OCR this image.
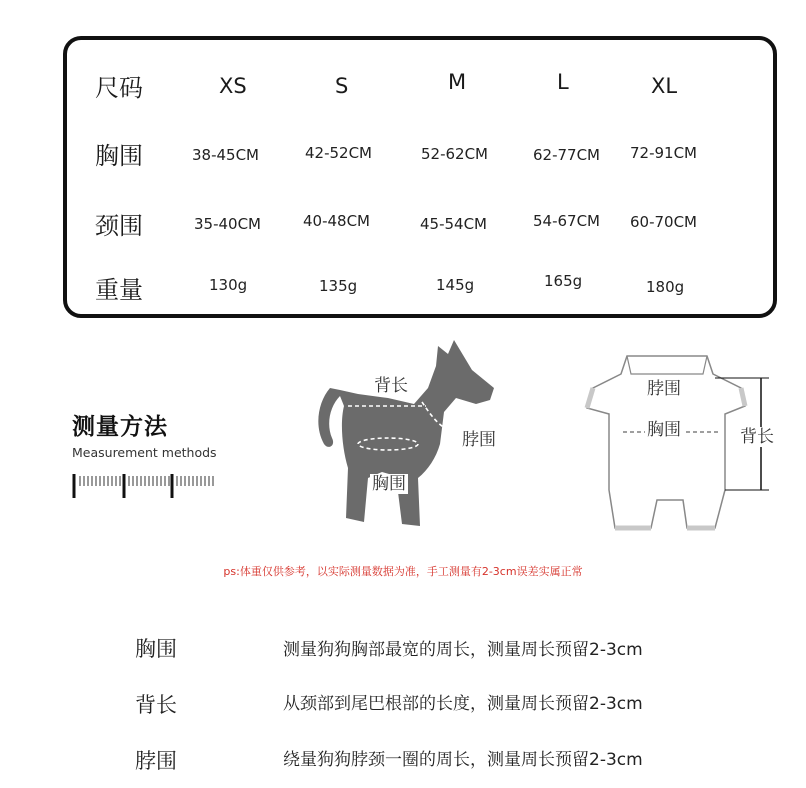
尺码	XS	S	M	L	XL
胸围	38-45CM	42-52CM	52-62CM	62-77CM 72-91CM
颈围	35-40CM	40-48CM	45-54CM	54-67CM 60-70CM
重量	130g	135g	145g	165g	180g
测量方法
Measurement methods
背长
脖围
胸围
脖围
胸围	背长
ps:体重仅供参考，以实际测量数据为准，手工测量有2-3cm误差实属正常
胸围	测量狗狗胸部最宽的周长，测量周长预留2-3cm
背长	从颈部到尾巴根部的长度，测量周长预留2-3cm
脖围	绕量狗狗脖颈一圈的周长，测量周长预留2-3cm
